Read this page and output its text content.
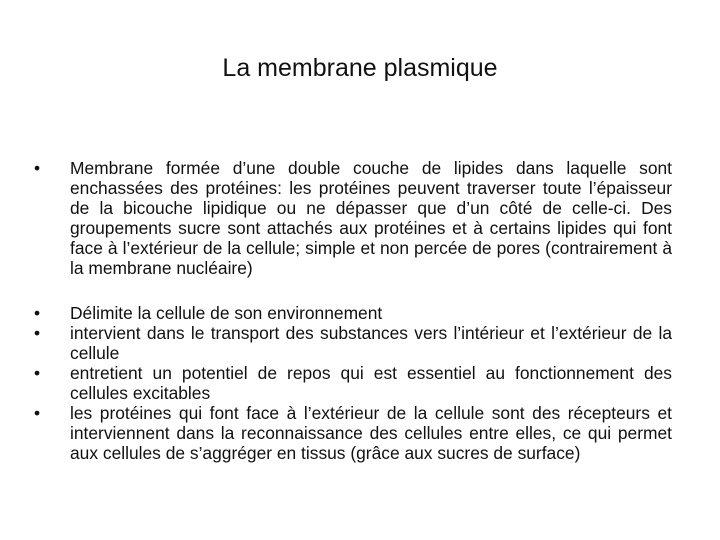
La membrane plasmique
•	Membrane formée d’une double couche de lipides dans laquelle sont enchassées des protéines: les protéines peuvent traverser toute l’épaisseur de la bicouche lipidique ou ne dépasser que d’un côté de celle-ci. Des groupements sucre sont attachés aux protéines et à certains lipides qui font face à l’extérieur de la cellule; simple et non percée de pores (contrairement à la membrane nucléaire)
•	Délimite la cellule de son environnement
•	intervient dans le transport des substances vers l’intérieur et l’extérieur de la cellule
•	entretient un potentiel de repos qui est essentiel au fonctionnement des cellules excitables
•	les protéines qui font face à l’extérieur de la cellule sont des récepteurs et interviennent dans la reconnaissance des cellules entre elles, ce qui permet aux cellules de s’aggréger en tissus (grâce aux sucres de surface)
